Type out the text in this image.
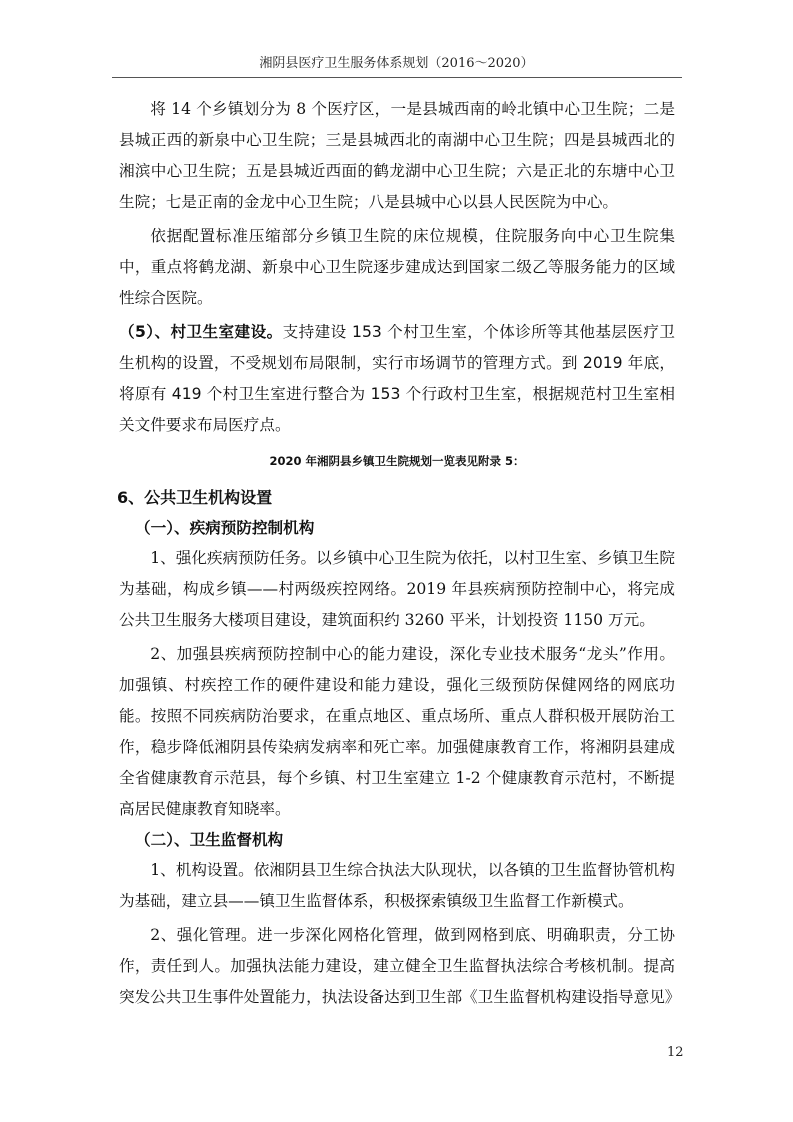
湘阴县医疗卫生服务体系规划（2016～2020）

将 14 个乡镇划分为 8 个医疗区，一是县城西南的岭北镇中心卫生院；二是县城正西的新泉中心卫生院；三是县城西北的南湖中心卫生院；四是县城西北的湘滨中心卫生院；五是县城近西面的鹤龙湖中心卫生院；六是正北的东塘中心卫生院；七是正南的金龙中心卫生院；八是县城中心以县人民医院为中心。

依据配置标准压缩部分乡镇卫生院的床位规模，住院服务向中心卫生院集中，重点将鹤龙湖、新泉中心卫生院逐步建成达到国家二级乙等服务能力的区域性综合医院。

（5）、村卫生室建设。支持建设 153 个村卫生室，个体诊所等其他基层医疗卫生机构的设置，不受规划布局限制，实行市场调节的管理方式。到 2019 年底，将原有 419 个村卫生室进行整合为 153 个行政村卫生室，根据规范村卫生室相关文件要求布局医疗点。

2020 年湘阴县乡镇卫生院规划一览表见附录 5：
6、公共卫生机构设置
（一）、疾病预防控制机构

1、强化疾病预防任务。以乡镇中心卫生院为依托，以村卫生室、乡镇卫生院为基础，构成乡镇——村两级疾控网络。2019 年县疾病预防控制中心，将完成公共卫生服务大楼项目建设，建筑面积约 3260 平米，计划投资 1150 万元。

2、加强县疾病预防控制中心的能力建设，深化专业技术服务“龙头”作用。加强镇、村疾控工作的硬件建设和能力建设，强化三级预防保健网络的网底功能。按照不同疾病防治要求，在重点地区、重点场所、重点人群积极开展防治工作，稳步降低湘阴县传染病发病率和死亡率。加强健康教育工作，将湘阴县建成全省健康教育示范县，每个乡镇、村卫生室建立 1-2 个健康教育示范村，不断提高居民健康教育知晓率。

（二）、卫生监督机构

1、机构设置。依湘阴县卫生综合执法大队现状，以各镇的卫生监督协管机构为基础，建立县——镇卫生监督体系，积极探索镇级卫生监督工作新模式。

2、强化管理。进一步深化网格化管理，做到网格到底、明确职责，分工协作，责任到人。加强执法能力建设，建立健全卫生监督执法综合考核机制。提高突发公共卫生事件处置能力，执法设备达到卫生部《卫生监督机构建设指导意见》

12
